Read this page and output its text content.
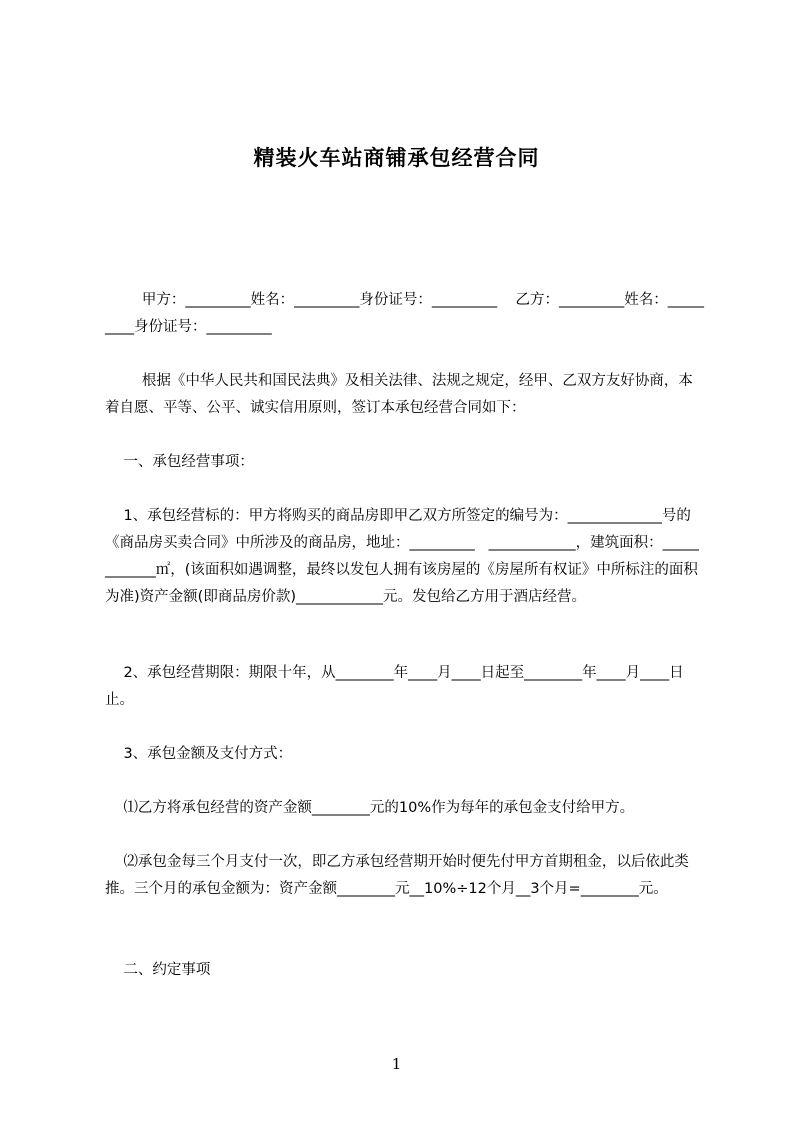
精装火车站商铺承包经营合同
甲方：_________姓名：_________身份证号：_________    乙方：_________姓名：_________身份证号：_________
根据《中华人民共和国民法典》及相关法律、法规之规定，经甲、乙双方友好协商，本着自愿、平等、公平、诚实信用原则，签订本承包经营合同如下：
一、承包经营事项：
1、承包经营标的：甲方将购买的商品房即甲乙双方所签定的编号为：_____________号的《商品房买卖合同》中所涉及的商品房，地址：_________   ____________，建筑面积：____________㎡，(该面积如遇调整，最终以发包人拥有该房屋的《房屋所有权证》中所标注的面积为准)资产金额(即商品房价款)____________元。发包给乙方用于酒店经营。
2、承包经营期限：期限十年，从________年____月____日起至________年____月____日止。
3、承包金额及支付方式：
⑴乙方将承包经营的资产金额________元的10%作为每年的承包金支付给甲方。
⑵承包金每三个月支付一次，即乙方承包经营期开始时便先付甲方首期租金，以后依此类推。三个月的承包金额为：资产金额________元__10%÷12个月__3个月=________元。
二、约定事项
1
